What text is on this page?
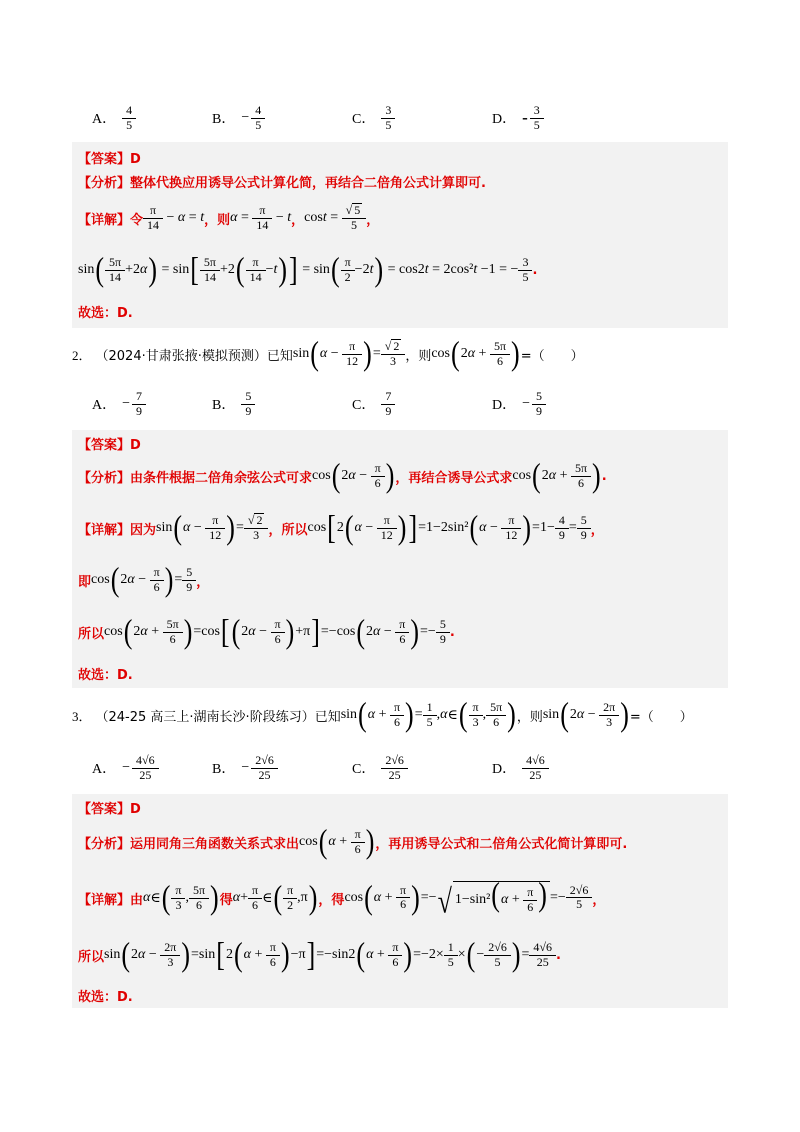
A． $\frac{4}{5}$	B． − $\frac{4}{5}$	C． $\frac{3}{5}$	D． - $\frac{3}{5}$
【答案】D
【分析】整体代换应用诱导公式计算化简，再结合二倍角公式计算即可.
【详解】令 $\frac{\pi}{14} - \alpha = t$ ，则 $\alpha = \frac{\pi}{14} - t$ ， $\cos t = \frac{√ 5}{5}$ ，
sin ( $\frac{5\pi}{14} +2$ α ) = sin [ $\frac{5\pi}{14} +2$ ( $\frac{\pi}{14} - t$ ) ] = sin ( $\frac{\pi}{2} -2$ t ) = cos2 t = 2cos² t −1 = − $\frac{3}{5}$ .
故选：D.
2． （2024·甘肃张掖·模拟预测）已知 sin ( $\alpha - \frac{\pi}{12}$ ) = $\frac{√ 2}{3}$ ，则 cos ( 2 $\alpha + \frac{5\pi}{6}$ ) =（　　）
A． − $\frac{7}{9}$	B． $\frac{5}{9}$	C． $\frac{7}{9}$	D． − $\frac{5}{9}$
【答案】D
【分析】由条件根据二倍角余弦公式可求 cos ( 2 $\alpha - \frac{\pi}{6}$ ) ，再结合诱导公式求 cos ( 2 $\alpha + \frac{5\pi}{6}$ ) .
【详解】因为 sin ( $\alpha - \frac{\pi}{12}$ ) = $\frac{√ 2}{3}$ ，所以 cos [ 2 ( $\alpha - \frac{\pi}{12}$ ) ] =1−2sin² ( $\alpha - \frac{\pi}{12}$ ) $=1- \frac{4}{9} = \frac{5}{9}$ ，
即 cos ( 2 $\alpha - \frac{\pi}{6}$ ) = $\frac{5}{9}$ ，
所以 cos ( 2 $\alpha + \frac{5\pi}{6}$ ) =cos [ ( 2 $\alpha - \frac{\pi}{6}$ ) +π ] =−cos ( 2 $\alpha - \frac{\pi}{6}$ ) =− $\frac{5}{9}$ .
故选：D.
3． （24-25 高三上·湖南长沙·阶段练习）已知 sin ( $\alpha + \frac{\pi}{6}$ ) = $\frac{1}{5}$ , α ∈ ( $\frac{\pi}{3}$ , $\frac{5\pi}{6}$ ) ，则 sin ( 2 $\alpha - \frac{2\pi}{3}$ ) =（　　）
A． − $\frac{4√6}{25}$	B． − $\frac{2√6}{25}$	C． $\frac{2√6}{25}$	D． $\frac{4√6}{25}$
【答案】D
【分析】运用同角三角函数关系式求出 cos ( $\alpha + \frac{\pi}{6}$ ) ，再用诱导公式和二倍角公式化简计算即可.
【详解】由 α ∈ ( $\frac{\pi}{3}$ , $\frac{5\pi}{6}$ ) 得 $\alpha + \frac{\pi}{6}$ ∈ ( $\frac{\pi}{2} ,\pi$ ) ，得 cos ( $\alpha + \frac{\pi}{6}$ ) =− √ $1-\sin^2(\alpha + \frac{\pi}{6}$ ) =− $\frac{2√6}{5}$ ，
所以 sin ( 2 $\alpha - \frac{2\pi}{3}$ ) =sin [ 2 ( $\alpha + \frac{\pi}{6}$ ) −π ] =−sin2 ( $\alpha + \frac{\pi}{6}$ ) $=-2\times \frac{1}{5}$ × ( − $\frac{2√6}{5}$ ) = $\frac{4√6}{25}$ .
故选：D.
